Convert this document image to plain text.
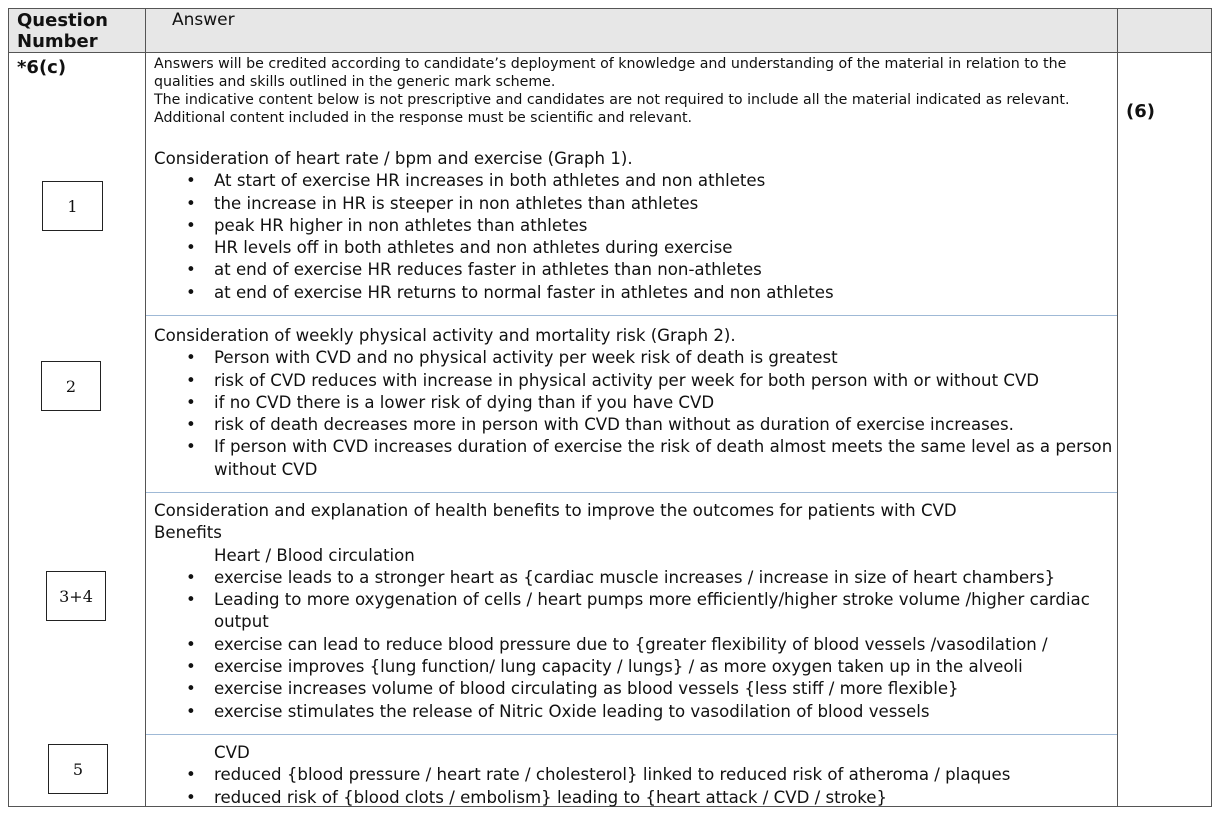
Question Number
Answer
*6(c)
(6)
Answers will be credited according to candidate’s deployment of knowledge and understanding of the material in relation to the qualities and skills outlined in the generic mark scheme.
The indicative content below is not prescriptive and candidates are not required to include all the material indicated as relevant. Additional content included in the response must be scientific and relevant.
1

Consideration of heart rate / bpm and exercise (Graph 1).

• At start of exercise HR increases in both athletes and non athletes
• the increase in HR is steeper in non athletes than athletes
• peak HR higher in non athletes than athletes
• HR levels off in both athletes and non athletes during exercise
• at end of exercise HR reduces faster in athletes than non-athletes
• at end of exercise HR returns to normal faster in athletes and non athletes
2

Consideration of weekly physical activity and mortality risk (Graph 2).

• Person with CVD and no physical activity per week risk of death is greatest
• risk of CVD reduces with increase in physical activity per week for both person with or without CVD
• if no CVD there is a lower risk of dying than if you have CVD
• risk of death decreases more in person with CVD than without as duration of exercise increases.
• If person with CVD increases duration of exercise the risk of death almost meets the same level as a person without CVD
3+4

Consideration and explanation of health benefits to improve the outcomes for patients with CVD

Benefits

Heart / Blood circulation

• exercise leads to a stronger heart as {cardiac muscle increases / increase in size of heart chambers}
• Leading to more oxygenation of cells / heart pumps more efficiently/higher stroke volume /higher cardiac output
• exercise can lead to reduce blood pressure due to {greater flexibility of blood vessels /vasodilation /
• exercise improves {lung function/ lung capacity / lungs} / as more oxygen taken up in the alveoli
• exercise increases volume of blood circulating as blood vessels {less stiff / more flexible}
• exercise stimulates the release of Nitric Oxide leading to vasodilation of blood vessels
5

CVD

• reduced {blood pressure / heart rate / cholesterol} linked to reduced risk of atheroma / plaques
• reduced risk of {blood clots / embolism} leading to {heart attack / CVD / stroke}
